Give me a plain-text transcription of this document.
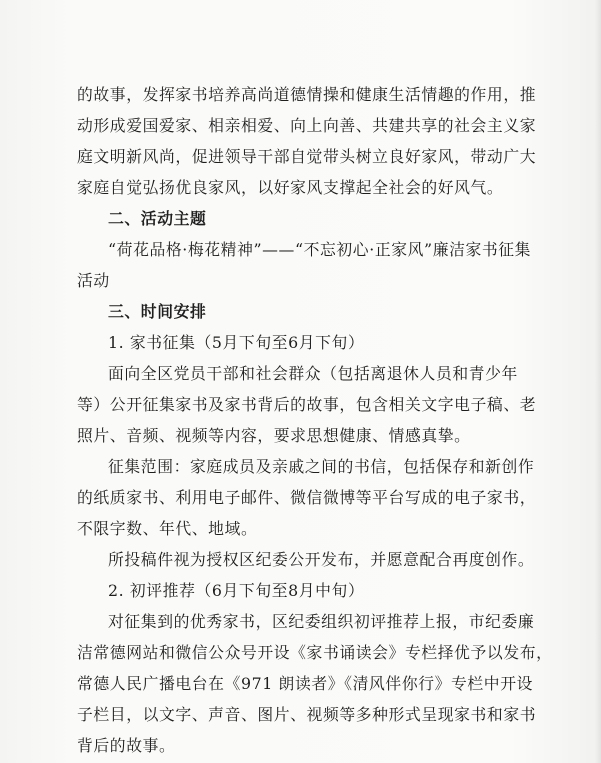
的故事，发挥家书培养高尚道德情操和健康生活情趣的作用，推
动形成爱国爱家、相亲相爱、向上向善、共建共享的社会主义家
庭文明新风尚，促进领导干部自觉带头树立良好家风，带动广大
家庭自觉弘扬优良家风，以好家风支撑起全社会的好风气。
二、活动主题
“荷花品格·梅花精神”——“不忘初心·正家风”廉洁家书征集
活动
三、时间安排
1. 家书征集（5月下旬至6月下旬）
面向全区党员干部和社会群众（包括离退休人员和青少年
等）公开征集家书及家书背后的故事，包含相关文字电子稿、老
照片、音频、视频等内容，要求思想健康、情感真挚。
征集范围：家庭成员及亲戚之间的书信，包括保存和新创作
的纸质家书、利用电子邮件、微信微博等平台写成的电子家书，
不限字数、年代、地域。
所投稿件视为授权区纪委公开发布，并愿意配合再度创作。
2. 初评推荐（6月下旬至8月中旬）
对征集到的优秀家书，区纪委组织初评推荐上报，市纪委廉
洁常德网站和微信公众号开设《家书诵读会》专栏择优予以发布，
常德人民广播电台在《971 朗读者》《清风伴你行》专栏中开设
子栏目，以文字、声音、图片、视频等多种形式呈现家书和家书
背后的故事。
